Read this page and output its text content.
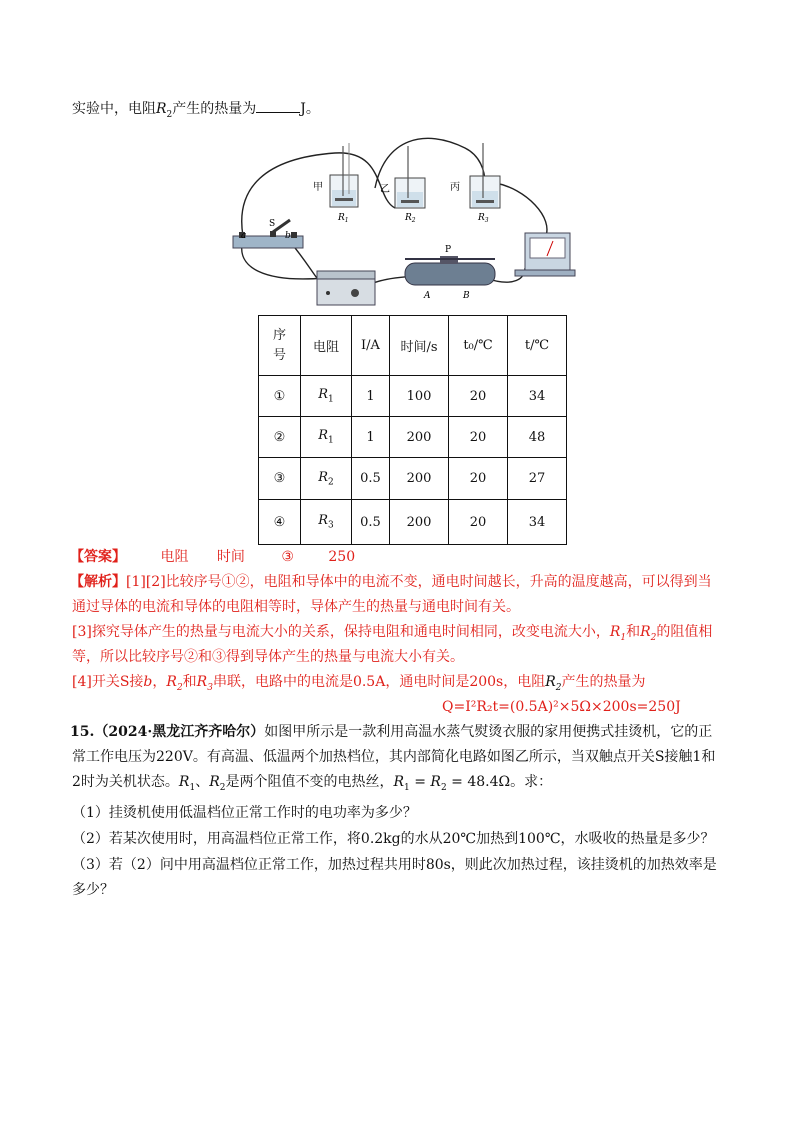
实验中，电阻$R_2$产生的热量为	J。
甲
$R_1$
乙
$R_2$
丙
$R_3$
a
S
b
P
A	B
序号	电阻	I/A	时间/s	t₀/℃	t/℃
①	$R_1$	1	100	20	34
②	$R_1$	1	200	20	48
③	$R_2$	0.5	200	20	27
④	$R_3$	0.5	200	20	34
【答案】 电阻 时间	③ 250
【解析】[1][2]比较序号①②，电阻和导体中的电流不变，通电时间越长，升高的温度越高，可以得到当
通过导体的电流和导体的电阻相等时，导体产生的热量与通电时间有关。
[3]探究导体产生的热量与电流大小的关系，保持电阻和通电时间相同，改变电流大小，$R_1$和$R_2$的阻值相
等，所以比较序号②和③得到导体产生的热量与电流大小有关。
[4]开关S接b，$R_2$和$R_3$串联，电路中的电流是0.5A，通电时间是200s，电阻$R_2$产生的热量为
Q=I²R₂t=(0.5A)²×5Ω×200s=250J
15.（2024·黑龙江齐齐哈尔）如图甲所示是一款利用高温水蒸气熨烫衣服的家用便携式挂烫机，它的正
常工作电压为220V。有高温、低温两个加热档位，其内部简化电路如图乙所示，当双触点开关S接触1和
2时为关机状态。$R_1$、$R_2$是两个阻值不变的电热丝，$R_1 = R_2 = 48.4\Omega$。求：
（1）挂烫机使用低温档位正常工作时的电功率为多少？
（2）若某次使用时，用高温档位正常工作，将0.2kg的水从20℃加热到100℃，水吸收的热量是多少？
（3）若（2）问中用高温档位正常工作，加热过程共用时80s，则此次加热过程，该挂烫机的加热效率是
多少？
